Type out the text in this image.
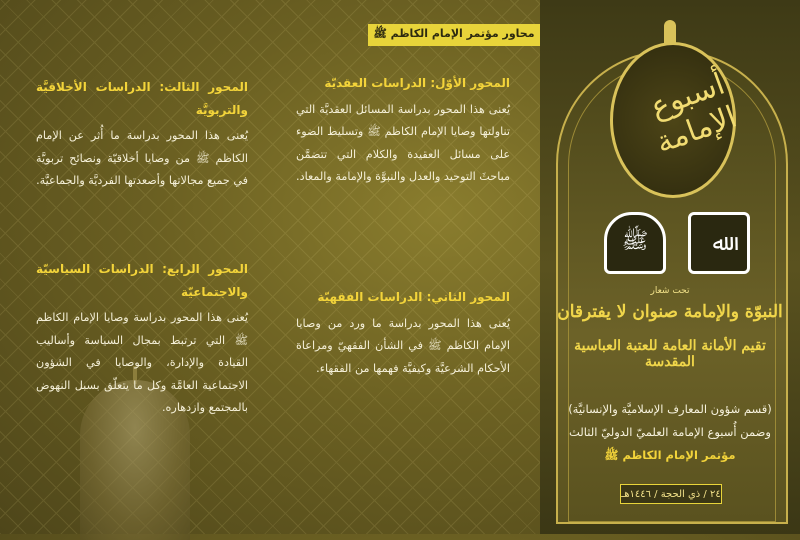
محاور مؤتمر الإمام الكاظم ﷺ
المحور الأوّل: الدراسات العقديّة

يُعنى هذا المحور بدراسة المسائل العقديَّة التي تناولتها وصايا الإمام الكاظم ﷺ وتسليط الضوء على مسائل العقيدة والكلام التي تتضمَّن مباحثَ التوحيد والعدل والنبوَّة والإمامة والمعاد.

المحور الثاني: الدراسات الفقهيّة

يُعنى هذا المحور بدراسة ما ورد من وصايا الإمام الكاظم ﷺ في الشأن الفقهيّ ومراعاة الأحكام الشرعيَّة وكيفيَّة فهمها من الفقهاء.

المحور الثالث: الدراسات الأخلاقيَّة والتربويَّة

يُعنى هذا المحور بدراسة ما أُثر عن الإمام الكاظم ﷺ من وصايا أخلاقيّة ونصائح تربويَّة في جميع مجالاتها وأصعدتها الفرديَّة والجماعيَّة.

المحور الرابع: الدراسات السياسيّة والاجتماعيّة

يُعنى هذا المحور بدراسة وصايا الإمام الكاظم ﷺ التي ترتبط بمجال السياسة وأساليب القيادة والإدارة، والوصايا في الشؤون الاجتماعية العامَّة وكل ما يتعلّق بسبل النهوض بالمجتمع وازدهاره.

أسبوع الإمامة
ﷲ
ﷺ
تحت شعار
النبوّة والإمامة صنوان لا يفترقان
تقيم الأمانة العامة للعتبة العباسية المقدسة
(قسم شؤون المعارف الإسلاميَّة والإنسانيَّة)
وضمن أُسبوع الإمامة العلميّ الدوليّ الثالث
مؤتمر الإمام الكاظم ﷺ
٢٤ / ذي الحجة / ١٤٤٦هـ
